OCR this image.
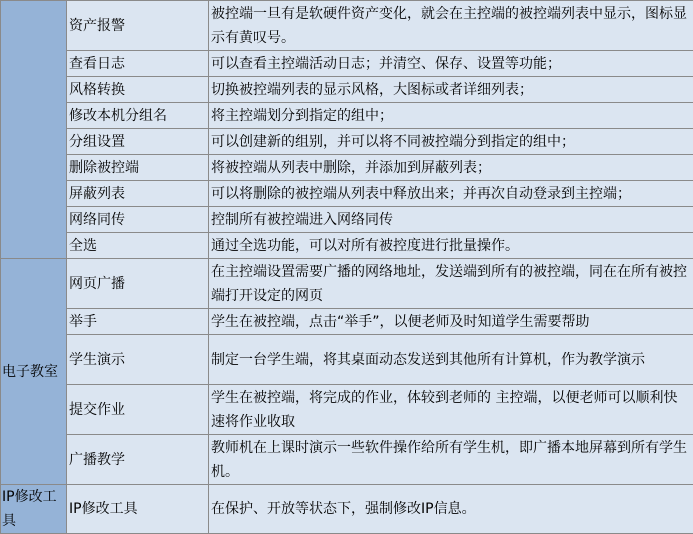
	资产报警	被控端一旦有是软硬件资产变化，就会在主控端的被控端列表中显示，图标显示有黄叹号。
	查看日志	可以查看主控端活动日志；并清空、保存、设置等功能；
	风格转换	切换被控端列表的显示风格，大图标或者详细列表；
	修改本机分组名	将主控端划分到指定的组中；
	分组设置	可以创建新的组别，并可以将不同被控端分到指定的组中；
	删除被控端	将被控端从列表中删除，并添加到屏蔽列表；
	屏蔽列表	可以将删除的被控端从列表中释放出来；并再次自动登录到主控端；
	网络同传	控制所有被控端进入网络同传
	全选	通过全选功能，可以对所有被控度进行批量操作。
电子教室	网页广播	在主控端设置需要广播的网络地址，发送端到所有的被控端，同在在所有被控端打开设定的网页
	举手	学生在被控端，点击“举手”，以便老师及时知道学生需要帮助
	学生演示	制定一台学生端，将其桌面动态发送到其他所有计算机，作为教学演示
	提交作业	学生在被控端，将完成的作业，体较到老师的 主控端，以便老师可以顺利快速将作业收取
	广播教学	教师机在上课时演示一些软件操作给所有学生机，即广播本地屏幕到所有学生机。
IP修改工具	IP修改工具	在保护、开放等状态下，强制修改IP信息。
